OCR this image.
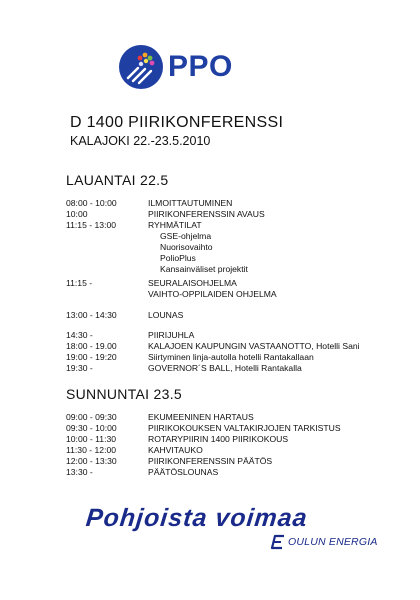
PPO
D 1400 PIIRIKONFERENSSI
KALAJOKI 22.-23.5.2010
LAUANTAI 22.5
08:00 - 10:00	ILMOITTAUTUMINEN
10:00	PIIRIKONFERENSSIN AVAUS
11:15 - 13:00	RYHMÄTILAT
GSE-ohjelma
Nuorisovaihto
PolioPlus
Kansainväliset projektit
11:15 -	SEURALAISOHJELMA
VAIHTO-OPPILAIDEN OHJELMA
13:00 - 14:30	LOUNAS
14:30 -	PIIRIJUHLA
18:00 - 19.00	KALAJOEN KAUPUNGIN VASTAANOTTO, Hotelli Sani
19:00 - 19:20	Siirtyminen linja-autolla hotelli Rantakallaan
19:30 -	GOVERNOR´S BALL, Hotelli Rantakalla
SUNNUNTAI 23.5
09:00 - 09:30	EKUMEENINEN HARTAUS
09:30 - 10:00	PIIRIKOKOUKSEN VALTAKIRJOJEN TARKISTUS
10:00 - 11:30	ROTARYPIIRIN 1400 PIIRIKOKOUS
11:30 - 12:00	KAHVITAUKO
12:00 - 13:30	PIIRIKONFERENSSIN PÄÄTÖS
13:30 -	PÄÄTÖSLOUNAS
Pohjoista voimaa
OULUN ENERGIA
